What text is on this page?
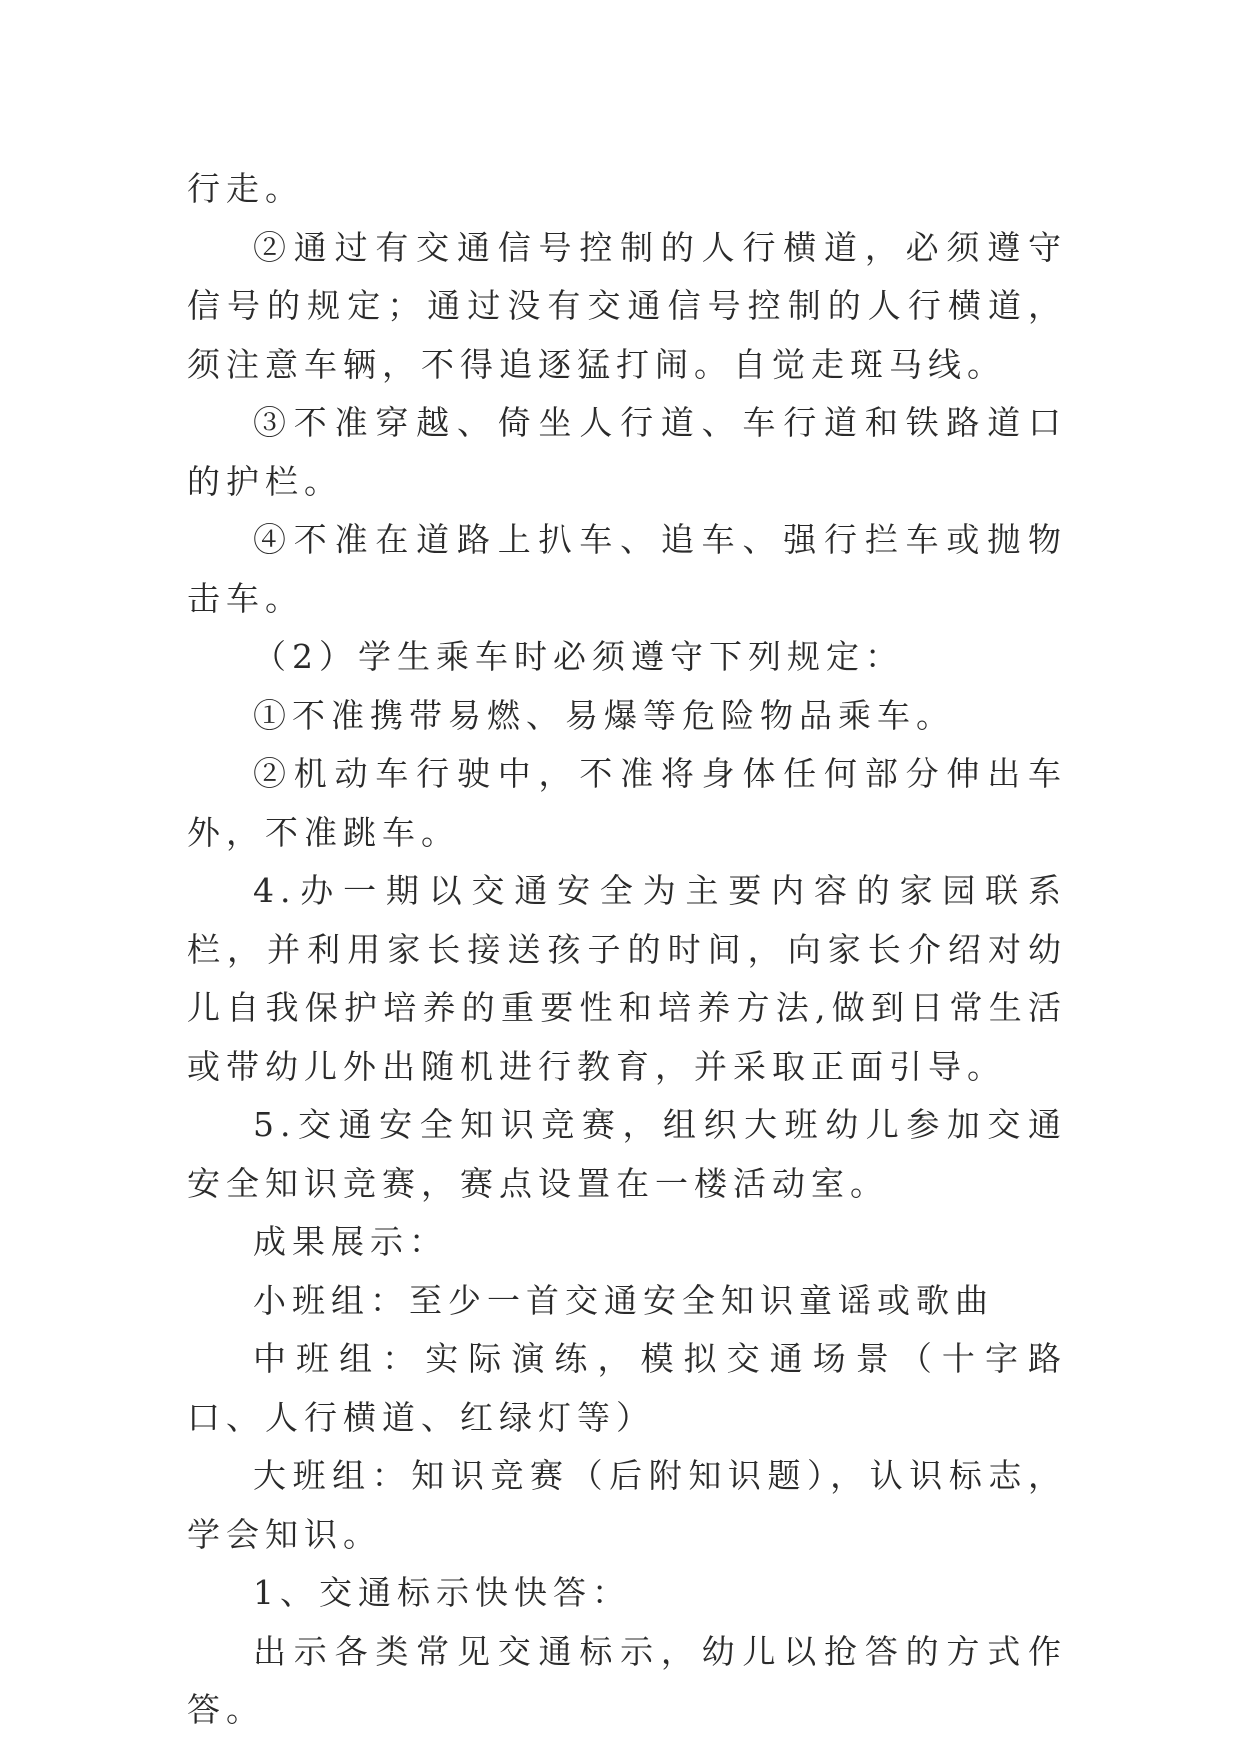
行走。

②通过有交通信号控制的人行横道，必须遵守信号的规定；通过没有交通信号控制的人行横道，须注意车辆，不得追逐猛打闹。自觉走斑马线。

③不准穿越、倚坐人行道、车行道和铁路道口的护栏。

④不准在道路上扒车、追车、强行拦车或抛物击车。

（2）学生乘车时必须遵守下列规定：

①不准携带易燃、易爆等危险物品乘车。

②机动车行驶中，不准将身体任何部分伸出车外，不准跳车。

4.办一期以交通安全为主要内容的家园联系栏，并利用家长接送孩子的时间，向家长介绍对幼儿自我保护培养的重要性和培养方法,做到日常生活或带幼儿外出随机进行教育，并采取正面引导。

5.交通安全知识竞赛，组织大班幼儿参加交通安全知识竞赛，赛点设置在一楼活动室。

成果展示：

小班组：至少一首交通安全知识童谣或歌曲

中班组：实际演练，模拟交通场景（十字路口、人行横道、红绿灯等）

大班组：知识竞赛（后附知识题），认识标志，学会知识。

1、交通标示快快答：

出示各类常见交通标示，幼儿以抢答的方式作答。
